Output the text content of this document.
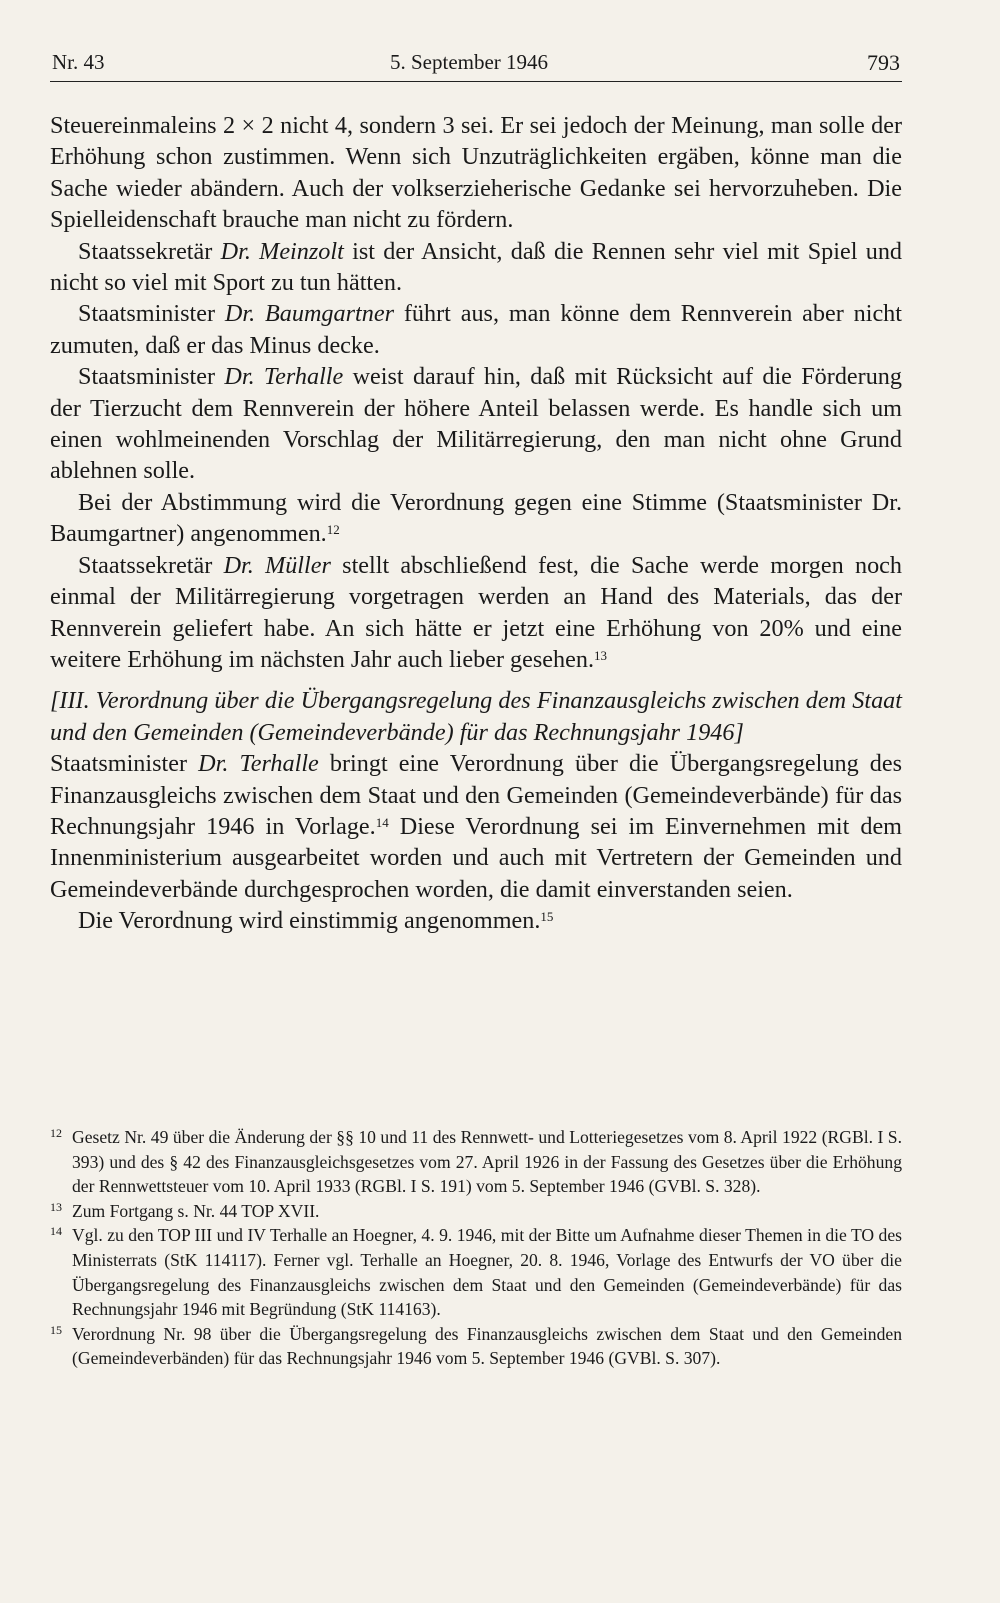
Nr. 43	5. September 1946	793

Steuereinmaleins 2 × 2 nicht 4, sondern 3 sei. Er sei jedoch der Meinung, man solle der Erhöhung schon zustimmen. Wenn sich Unzuträglichkeiten ergäben, könne man die Sache wieder abändern. Auch der volkserzieherische Gedanke sei hervorzuheben. Die Spielleidenschaft brauche man nicht zu fördern.

Staatssekretär Dr. Meinzolt ist der Ansicht, daß die Rennen sehr viel mit Spiel und nicht so viel mit Sport zu tun hätten.

Staatsminister Dr. Baumgartner führt aus, man könne dem Rennverein aber nicht zumuten, daß er das Minus decke.

Staatsminister Dr. Terhalle weist darauf hin, daß mit Rücksicht auf die Förderung der Tierzucht dem Rennverein der höhere Anteil belassen werde. Es handle sich um einen wohlmeinenden Vorschlag der Militärregierung, den man nicht ohne Grund ablehnen solle.

Bei der Abstimmung wird die Verordnung gegen eine Stimme (Staatsminister Dr. Baumgartner) angenommen.$^{12}$

Staatssekretär Dr. Müller stellt abschließend fest, die Sache werde morgen noch einmal der Militärregierung vorgetragen werden an Hand des Materials, das der Rennverein geliefert habe. An sich hätte er jetzt eine Erhöhung von 20% und eine weitere Erhöhung im nächsten Jahr auch lieber gesehen.$^{13}$

[III. Verordnung über die Übergangsregelung des Finanzausgleichs zwischen dem Staat und den Gemeinden (Gemeindeverbände) für das Rechnungsjahr 1946]

Staatsminister Dr. Terhalle bringt eine Verordnung über die Übergangsregelung des Finanzausgleichs zwischen dem Staat und den Gemeinden (Gemeindeverbände) für das Rechnungsjahr 1946 in Vorlage.$^{14}$ Diese Verordnung sei im Einvernehmen mit dem Innenministerium ausgearbeitet worden und auch mit Vertretern der Gemeinden und Gemeindeverbände durchgesprochen worden, die damit einverstanden seien.

Die Verordnung wird einstimmig angenommen.$^{15}$

12 Gesetz Nr. 49 über die Änderung der §§ 10 und 11 des Rennwett- und Lotteriegesetzes vom 8. April 1922 (RGBl. I S. 393) und des § 42 des Finanzausgleichsgesetzes vom 27. April 1926 in der Fassung des Gesetzes über die Erhöhung der Rennwettsteuer vom 10. April 1933 (RGBl. I S. 191) vom 5. September 1946 (GVBl. S. 328).
13 Zum Fortgang s. Nr. 44 TOP XVII.
14 Vgl. zu den TOP III und IV Terhalle an Hoegner, 4. 9. 1946, mit der Bitte um Aufnahme dieser Themen in die TO des Ministerrats (StK 114117). Ferner vgl. Terhalle an Hoegner, 20. 8. 1946, Vorlage des Entwurfs der VO über die Übergangsregelung des Finanzausgleichs zwischen dem Staat und den Gemeinden (Gemeindeverbände) für das Rechnungsjahr 1946 mit Begründung (StK 114163).
15 Verordnung Nr. 98 über die Übergangsregelung des Finanzausgleichs zwischen dem Staat und den Gemeinden (Gemeindeverbänden) für das Rechnungsjahr 1946 vom 5. September 1946 (GVBl. S. 307).
